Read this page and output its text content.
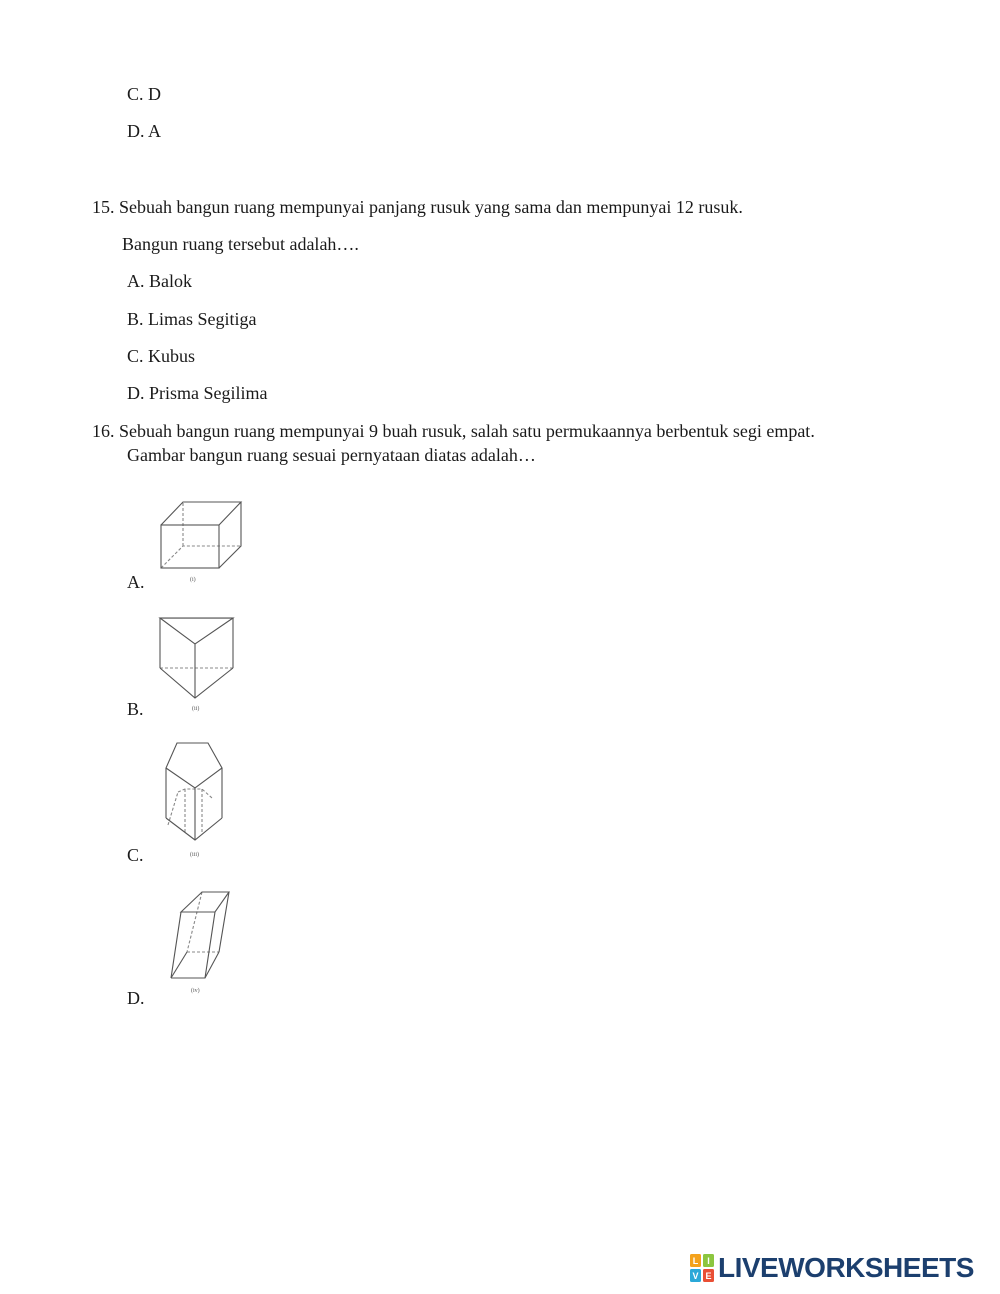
C. D
D. A
15. Sebuah bangun ruang mempunyai panjang rusuk yang sama dan mempunyai 12 rusuk.
Bangun ruang tersebut adalah….
A. Balok
B. Limas Segitiga
C. Kubus
D. Prisma Segilima
16. Sebuah bangun ruang mempunyai 9 buah rusuk, salah satu permukaannya berbentuk segi empat.
Gambar bangun ruang sesuai pernyataan diatas adalah…
A.	(i)
B.	(ii)
C.	(iii)
D.	(iv)
L I
V E LIVEWORKSHEETS
